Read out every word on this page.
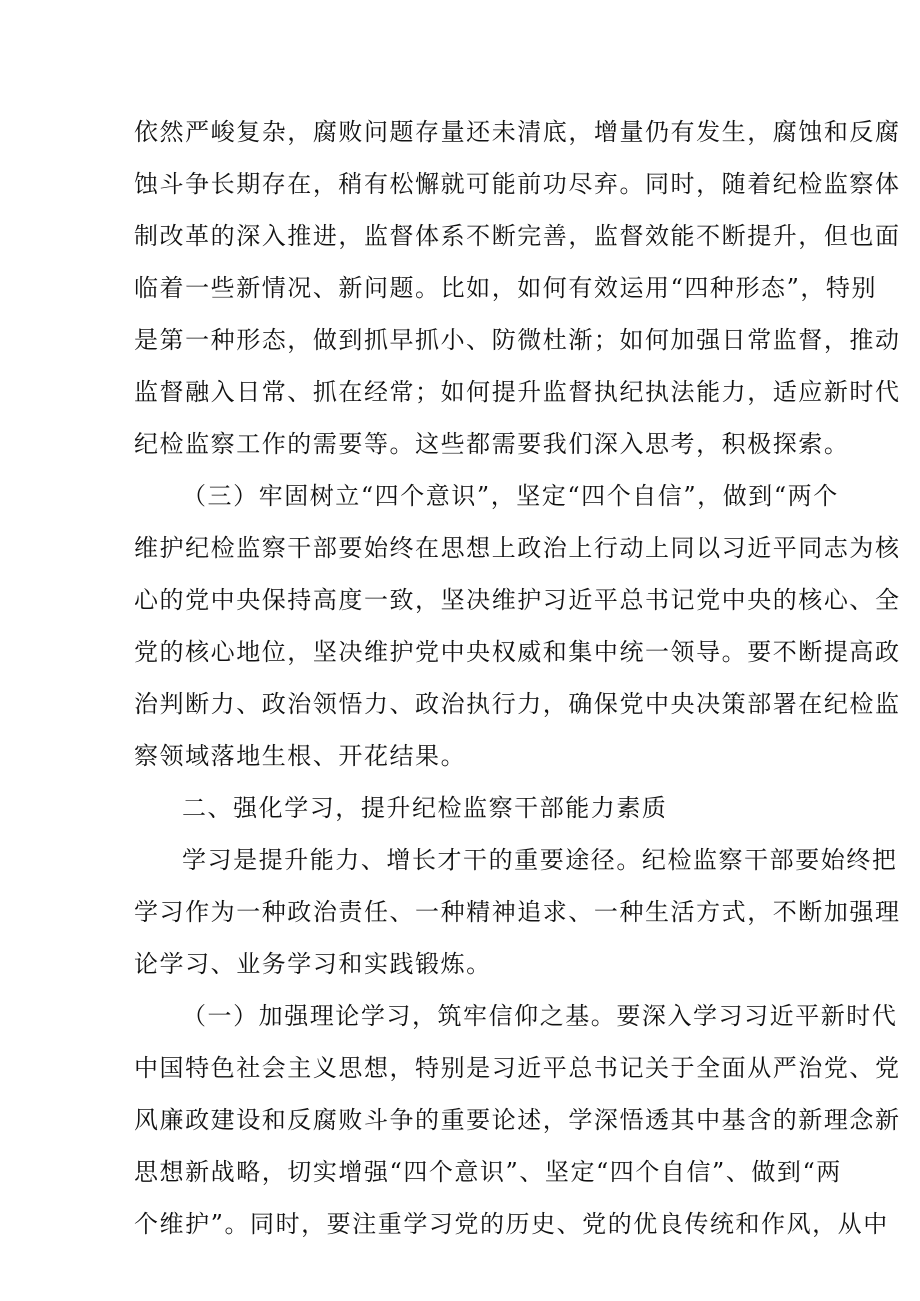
依然严峻复杂，腐败问题存量还未清底，增量仍有发生，腐蚀和反腐
蚀斗争长期存在，稍有松懈就可能前功尽弃。同时，随着纪检监察体
制改革的深入推进，监督体系不断完善，监督效能不断提升，但也面
临着一些新情况、新问题。比如，如何有效运用“四种形态”，特别
是第一种形态，做到抓早抓小、防微杜渐；如何加强日常监督，推动
监督融入日常、抓在经常；如何提升监督执纪执法能力，适应新时代
纪检监察工作的需要等。这些都需要我们深入思考，积极探索。
（三）牢固树立“四个意识”，坚定“四个自信”，做到“两个
维护纪检监察干部要始终在思想上政治上行动上同以习近平同志为核
心的党中央保持高度一致，坚决维护习近平总书记党中央的核心、全
党的核心地位，坚决维护党中央权威和集中统一领导。要不断提高政
治判断力、政治领悟力、政治执行力，确保党中央决策部署在纪检监
察领域落地生根、开花结果。
二、强化学习，提升纪检监察干部能力素质
学习是提升能力、增长才干的重要途径。纪检监察干部要始终把
学习作为一种政治责任、一种精神追求、一种生活方式，不断加强理
论学习、业务学习和实践锻炼。
（一）加强理论学习，筑牢信仰之基。要深入学习习近平新时代
中国特色社会主义思想，特别是习近平总书记关于全面从严治党、党
风廉政建设和反腐败斗争的重要论述，学深悟透其中基含的新理念新
思想新战略，切实增强“四个意识”、坚定“四个自信”、做到“两
个维护”。同时，要注重学习党的历史、党的优良传统和作风，从中
